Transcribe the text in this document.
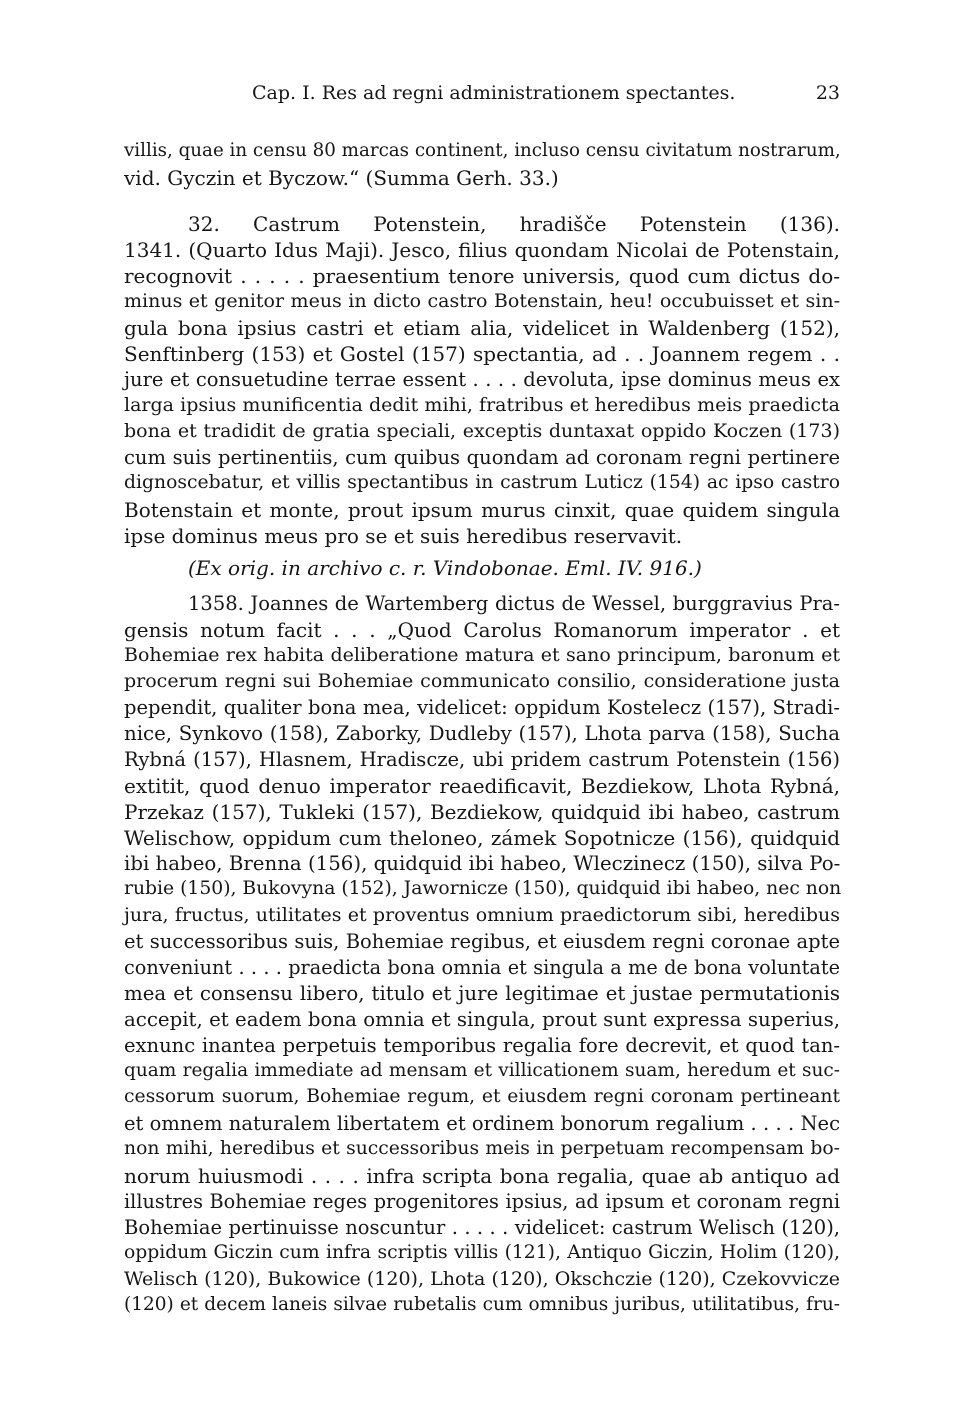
Cap. I. Res ad regni administrationem spectantes.	23
villis, quae in censu 80 marcas continent, incluso censu civitatum nostrarum,
vid. Gyczin et Byczow.“ (Summa Gerh. 33.)
32. Castrum Potenstein, hradišče Potenstein (136).
1341. (Quarto Idus Maji). Jesco, filius quondam Nicolai de Potenstain,
recognovit . . . . . praesentium tenore universis, quod cum dictus do-
minus et genitor meus in dicto castro Botenstain, heu! occubuisset et sin-
gula bona ipsius castri et etiam alia, videlicet in Waldenberg (152),
Senftinberg (153) et Gostel (157) spectantia, ad . . Joannem regem . .
jure et consuetudine terrae essent . . . . devoluta, ipse dominus meus ex
larga ipsius munificentia dedit mihi, fratribus et heredibus meis praedicta
bona et tradidit de gratia speciali, exceptis duntaxat oppido Koczen (173)
cum suis pertinentiis, cum quibus quondam ad coronam regni pertinere
dignoscebatur, et villis spectantibus in castrum Luticz (154) ac ipso castro
Botenstain et monte, prout ipsum murus cinxit, quae quidem singula
ipse dominus meus pro se et suis heredibus reservavit.
(Ex orig. in archivo c. r. Vindobonae. Eml. IV. 916.)
1358. Joannes de Wartemberg dictus de Wessel, burggravius Pra-
gensis notum facit . . . „Quod Carolus Romanorum imperator . et
Bohemiae rex habita deliberatione matura et sano principum, baronum et
procerum regni sui Bohemiae communicato consilio, consideratione justa
pependit, qualiter bona mea, videlicet: oppidum Kostelecz (157), Stradi-
nice, Synkovo (158), Zaborky, Dudleby (157), Lhota parva (158), Sucha
Rybná (157), Hlasnem, Hradiscze, ubi pridem castrum Potenstein (156)
extitit, quod denuo imperator reaedificavit, Bezdiekow, Lhota Rybná,
Przekaz (157), Tukleki (157), Bezdiekow, quidquid ibi habeo, castrum
Welischow, oppidum cum theloneo, zámek Sopotnicze (156), quidquid
ibi habeo, Brenna (156), quidquid ibi habeo, Wleczinecz (150), silva Po-
rubie (150), Bukovyna (152), Jawornicze (150), quidquid ibi habeo, nec non
jura, fructus, utilitates et proventus omnium praedictorum sibi, heredibus
et successoribus suis, Bohemiae regibus, et eiusdem regni coronae apte
conveniunt . . . . praedicta bona omnia et singula a me de bona voluntate
mea et consensu libero, titulo et jure legitimae et justae permutationis
accepit, et eadem bona omnia et singula, prout sunt expressa superius,
exnunc inantea perpetuis temporibus regalia fore decrevit, et quod tan-
quam regalia immediate ad mensam et villicationem suam, heredum et suc-
cessorum suorum, Bohemiae regum, et eiusdem regni coronam pertineant
et omnem naturalem libertatem et ordinem bonorum regalium . . . . Nec
non mihi, heredibus et successoribus meis in perpetuam recompensam bo-
norum huiusmodi . . . . infra scripta bona regalia, quae ab antiquo ad
illustres Bohemiae reges progenitores ipsius, ad ipsum et coronam regni
Bohemiae pertinuisse noscuntur . . . . . videlicet: castrum Welisch (120),
oppidum Giczin cum infra scriptis villis (121), Antiquo Giczin, Holim (120),
Welisch (120), Bukowice (120), Lhota (120), Okschczie (120), Czekovvicze
(120) et decem laneis silvae rubetalis cum omnibus juribus, utilitatibus, fru-
